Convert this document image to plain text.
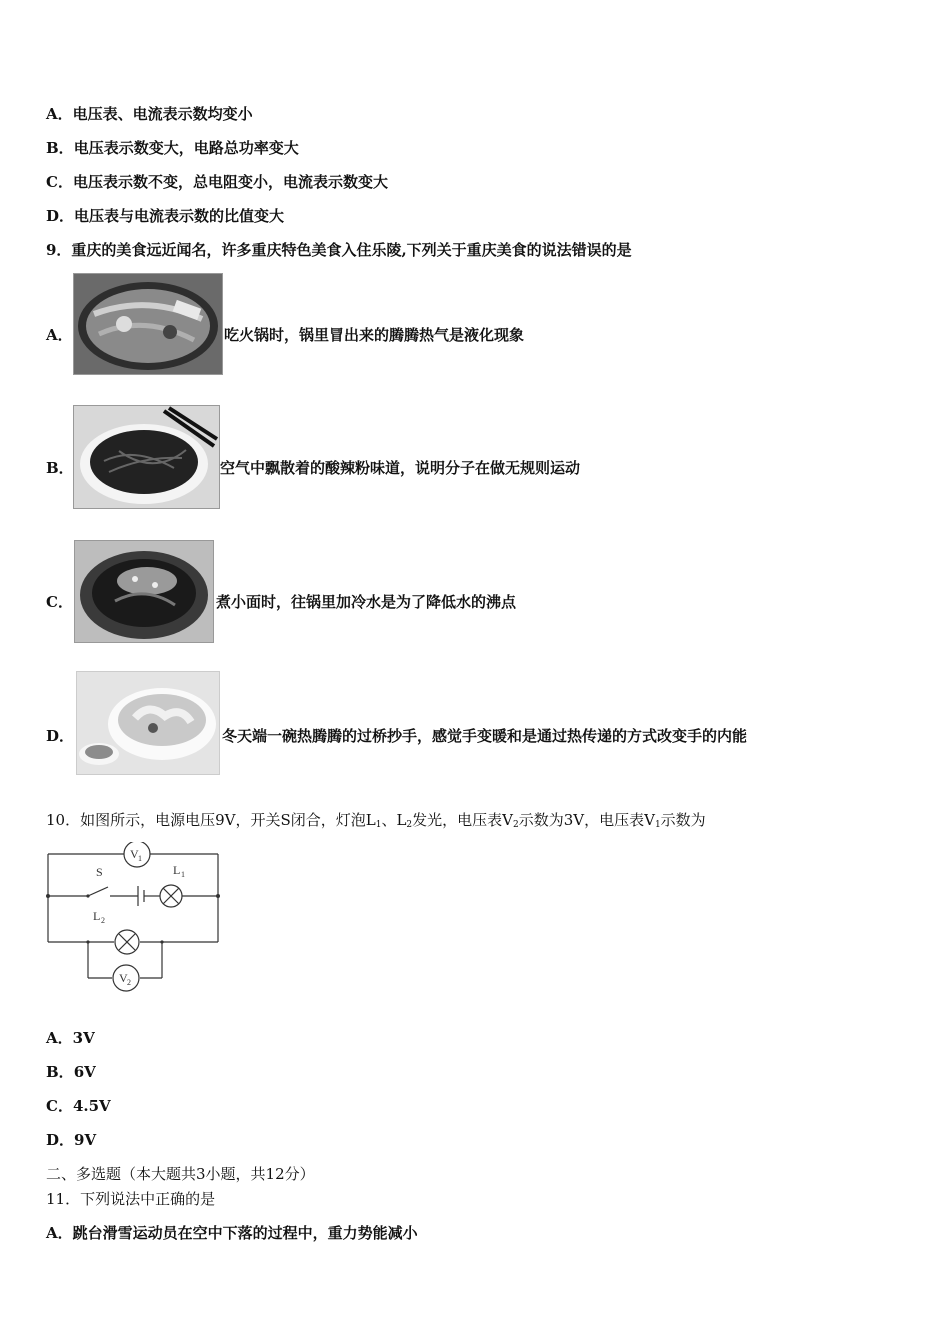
A．电压表、电流表示数均变小
B．电压表示数变大，电路总功率变大
C．电压表示数不变，总电阻变小，电流表示数变大
D．电压表与电流表示数的比值变大
9．重庆的美食远近闻名，许多重庆特色美食入住乐陵,下列关于重庆美食的说法错误的是
A．	吃火锅时，锅里冒出来的腾腾热气是液化现象
B．	空气中飘散着的酸辣粉味道，说明分子在做无规则运动
C．	煮小面时，往锅里加冷水是为了降低水的沸点
D．	冬天端一碗热腾腾的过桥抄手，感觉手变暖和是通过热传递的方式改变手的内能
10．如图所示，电源电压9V，开关S闭合，灯泡$L_1$、$L_2$发光，电压表$V_2$示数为3V，电压表$V_1$示数为
S	L 1
L 2
V 1
V 2
A．3V
B．6V
C．4.5V
D．9V
二、多选题（本大题共3小题，共12分）
11．下列说法中正确的是
A．跳台滑雪运动员在空中下落的过程中，重力势能减小
